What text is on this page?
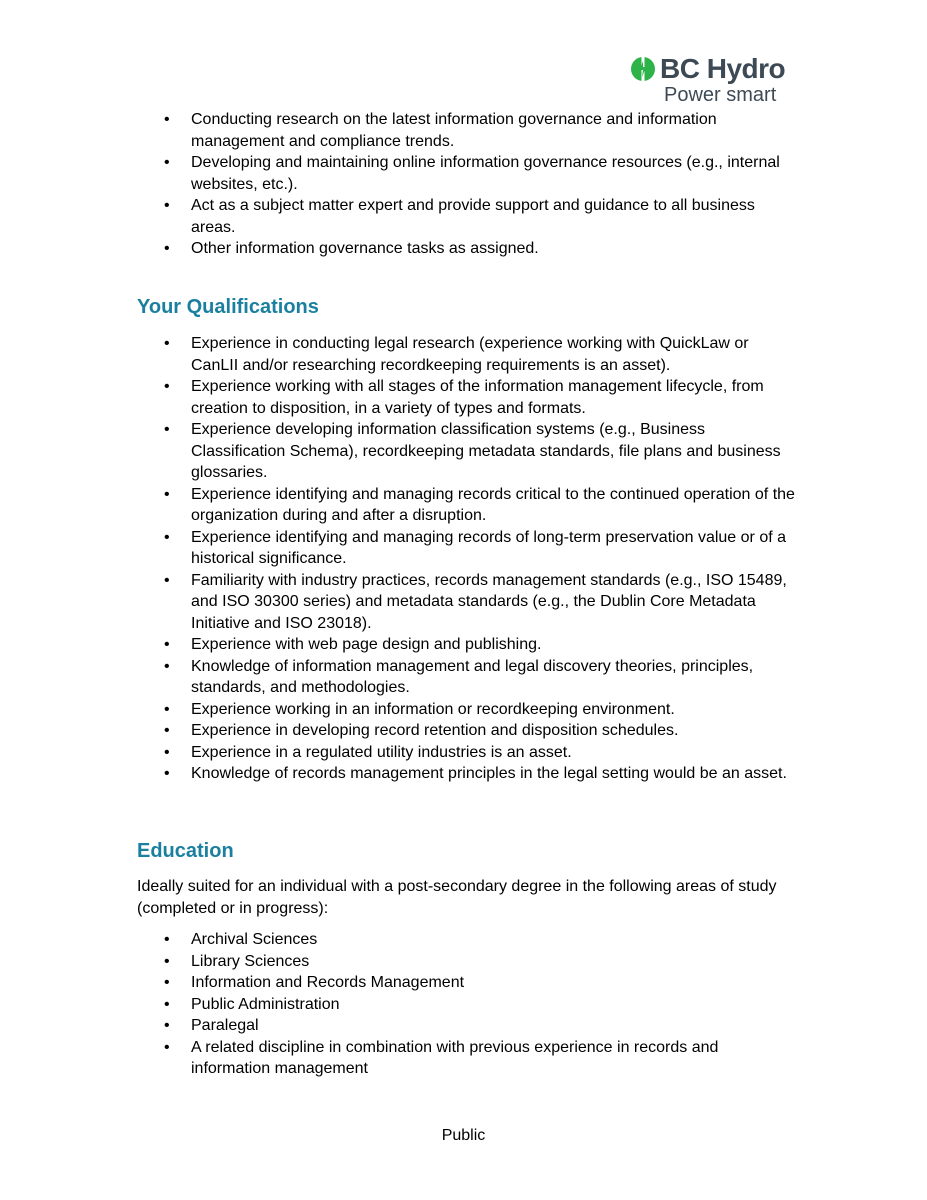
BC Hydro
Power smart
• Conducting research on the latest information governance and information management and compliance trends.
• Developing and maintaining online information governance resources (e.g., internal websites, etc.).
• Act as a subject matter expert and provide support and guidance to all business areas.
• Other information governance tasks as assigned.
Your Qualifications
• Experience in conducting legal research (experience working with QuickLaw or CanLII and/or researching recordkeeping requirements is an asset).
• Experience working with all stages of the information management lifecycle, from creation to disposition, in a variety of types and formats.
• Experience developing information classification systems (e.g., Business Classification Schema), recordkeeping metadata standards, file plans and business glossaries.
• Experience identifying and managing records critical to the continued operation of the organization during and after a disruption.
• Experience identifying and managing records of long-term preservation value or of a historical significance.
• Familiarity with industry practices, records management standards (e.g., ISO 15489, and ISO 30300 series) and metadata standards (e.g., the Dublin Core Metadata Initiative and ISO 23018).
• Experience with web page design and publishing.
• Knowledge of information management and legal discovery theories, principles, standards, and methodologies.
• Experience working in an information or recordkeeping environment.
• Experience in developing record retention and disposition schedules.
• Experience in a regulated utility industries is an asset.
• Knowledge of records management principles in the legal setting would be an asset.
Education

Ideally suited for an individual with a post-secondary degree in the following areas of study (completed or in progress):

• Archival Sciences
• Library Sciences
• Information and Records Management
• Public Administration
• Paralegal
• A related discipline in combination with previous experience in records and information management
Public
